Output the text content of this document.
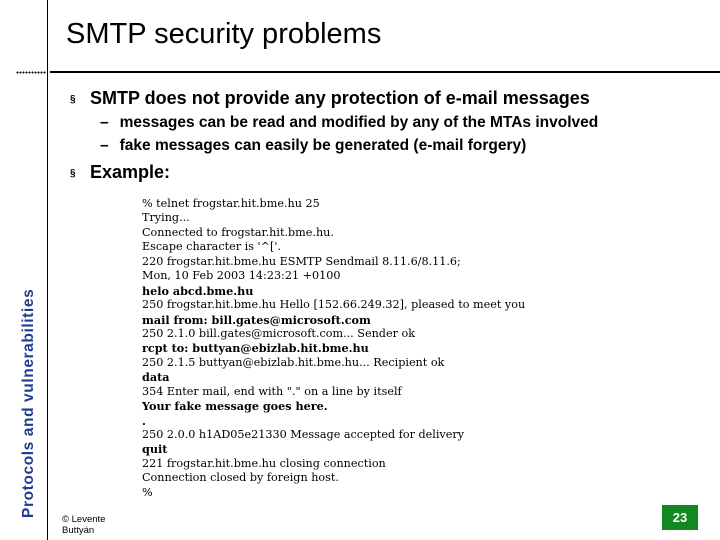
SMTP security problems
Protocols and vulnerabilities
§ SMTP does not provide any protection of e-mail messages
– messages can be read and modified by any of the MTAs involved
– fake messages can easily be generated (e-mail forgery)
§ Example:
% telnet frogstar.hit.bme.hu 25
Trying...
Connected to frogstar.hit.bme.hu.
Escape character is '^['.
220 frogstar.hit.bme.hu ESMTP Sendmail 8.11.6/8.11.6;
Mon, 10 Feb 2003 14:23:21 +0100
helo abcd.bme.hu
250 frogstar.hit.bme.hu Hello [152.66.249.32], pleased to meet you
mail from: bill.gates@microsoft.com
250 2.1.0 bill.gates@microsoft.com... Sender ok
rcpt to: buttyan@ebizlab.hit.bme.hu
250 2.1.5 buttyan@ebizlab.hit.bme.hu... Recipient ok
data
354 Enter mail, end with "." on a line by itself
Your fake message goes here.
.
250 2.0.0 h1AD05e21330 Message accepted for delivery
quit
221 frogstar.hit.bme.hu closing connection
Connection closed by foreign host.
%
© Levente
Buttyán
23
